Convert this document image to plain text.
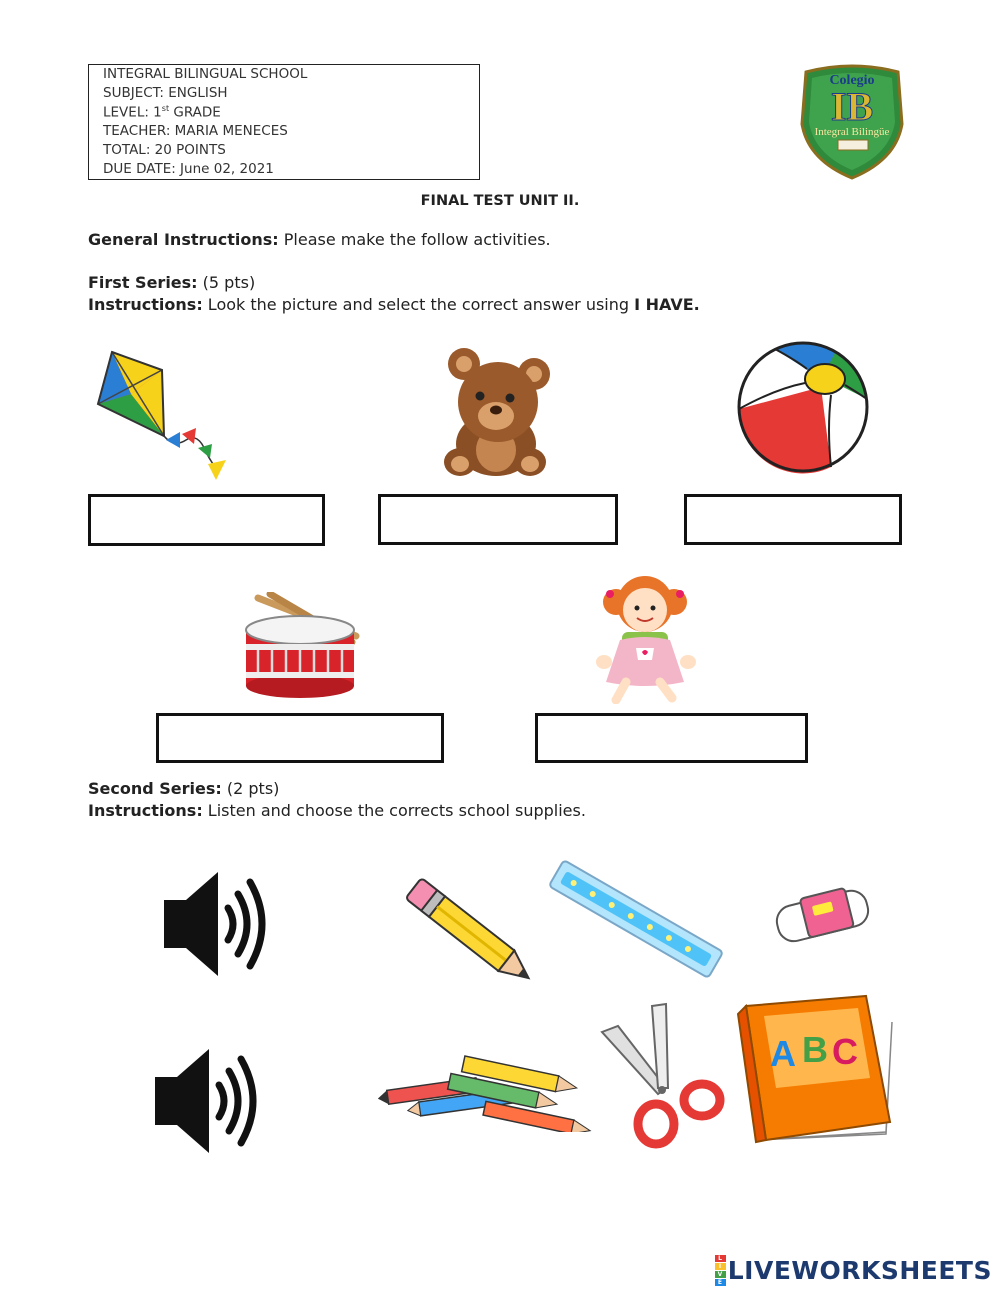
INTEGRAL BILINGUAL SCHOOL
SUBJECT: ENGLISH
LEVEL: 1st GRADE
TEACHER: MARIA MENECES
TOTAL: 20 POINTS
DUE DATE: June 02, 2021
Colegio
IB
Integral Bilingüe
FINAL TEST UNIT II.
General Instructions: Please make the follow activities.
First Series: (5 pts)
Instructions: Look the picture and select the correct answer using I HAVE.
Second Series: (2 pts)
Instructions: Listen and choose the corrects school supplies.
A B C
L
I
V
E LIVEWORKSHEETS
